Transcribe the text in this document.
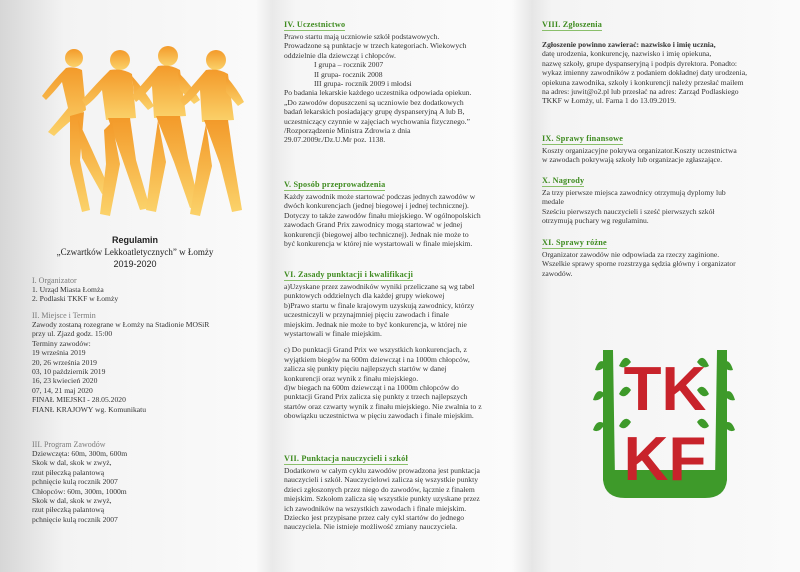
Regulamin
„Czwartków Lekkoatletycznych” w Łomży
2019-2020
I. Organizator
1. Urząd Miasta Łomża
2. Podlaski TKKF w Łomży
II. Miejsce i Termin
Zawody zostaną rozegrane w Łomży na Stadionie MOSiR
przy ul. Zjazd godz. 15:00
Terminy zawodów:
19 września 2019
20, 26 września 2019
03, 10 październik 2019
16, 23 kwiecień 2020
07, 14, 21 maj 2020
FINAŁ MIEJSKI - 28.05.2020
FIANŁ KRAJOWY wg. Komunikatu
III. Program Zawodów
Dziewczęta: 60m, 300m, 600m
Skok w dal, skok w zwyż,
rzut piłeczką palantową
pchnięcie kulą rocznik 2007
Chłopców: 60m, 300m, 1000m
Skok w dal, skok w zwyż,
rzut piłeczką palantową
pchnięcie kulą rocznik 2007
IV. Uczestnictwo
Prawo startu mają uczniowie szkół podstawowych.
Prowadzone są punktacje w trzech kategoriach. Wiekowych
oddzielnie dla dziewcząt i chłopców.
I grupa – rocznik 2007
II grupa- rocznik 2008
III grupa- rocznik 2009 i młodsi
Po badania lekarskie każdego uczestnika odpowiada opiekun.
„Do zawodów dopuszczeni są uczniowie bez dodatkowych
badań lekarskich posiadający grupę dyspanseryjną A lub B,
uczestniczący czynnie w zajęciach wychowania fizycznego.”
/Rozporządzenie Ministra Zdrowia z dnia
29.07.2009r./Dz.U.Mr poz. 1138.
V. Sposób przeprowadzenia
Każdy zawodnik może startować podczas jednych zawodów w
dwóch konkurencjach (jednej biegowej i jednej technicznej).
Dotyczy to także zawodów finału miejskiego. W ogólnopolskich
zawodach Grand Prix zawodnicy mogą startować w jednej
konkurencji (biegowej albo technicznej). Jednak nie może to
być konkurencja w której nie wystartowali w finale miejskim.
VI. Zasady punktacji i kwalifikacji
a)Uzyskane przez zawodników wyniki przeliczane są wg tabel
punktowych oddzielnych dla każdej grupy wiekowej
b)Prawo startu w finale krajowym uzyskują zawodnicy, którzy
uczestniczyli w przynajmniej pięciu zawodach i finale
miejskim. Jednak nie może to być konkurencja, w której nie
wystartowali w finale miejskim.
c) Do punktacji Grand Prix we wszystkich konkurencjach, z
wyjątkiem biegów na 600m dziewcząt i na 1000m chłopców,
zalicza się punkty pięciu najlepszych startów w danej
konkurencji oraz wynik z finału miejskiego.
d)w biegach na 600m dziewcząt i na 1000m chłopców do
punktacji Grand Prix zalicza się punkty z trzech najlepszych
startów oraz czwarty wynik z finału miejskiego. Nie zwalnia to z
obowiązku uczestnictwa w pięciu zawodach i finale miejskim.
VII. Punktacja nauczycieli i szkół
Dodatkowo w całym cyklu zawodów prowadzona jest punktacja
nauczycieli i szkół. Nauczycielowi zalicza się wszystkie punkty
dzieci zgłoszonych przez niego do zawodów, łącznie z finałem
miejskim. Szkołom zalicza się wszystkie punkty uzyskane przez
ich zawodników na wszystkich zawodach i finale miejskim.
Dziecko jest przypisane przez cały cykl startów do jednego
nauczyciela. Nie istnieje możliwość zmiany nauczyciela.
VIII. Zgłoszenia
Zgłoszenie powinno zawierać: nazwisko i imię ucznia,
datę urodzenia, konkurencję, nazwisko i imię opiekuna,
nazwę szkoły, grupe dyspanseryjną i podpis dyrektora. Ponadto:
wykaz imienny zawodników z podaniem dokładnej daty urodzenia,
opiekuna zawodnika, szkoły i konkurencji należy przesłać mailem
na adres: juwit@o2.pl lub przesłać na adres: Zarząd Podlaskiego
TKKF w Łomży, ul. Farna 1 do 13.09.2019.
IX. Sprawy finansowe
Koszty organizacyjne pokrywa organizator.Koszty uczestnictwa
w zawodach pokrywają szkoły lub organizacje zgłaszające.
X. Nagrody
Za trzy pierwsze miejsca zawodnicy otrzymują dyplomy lub
medale
Sześciu pierwszych nauczycieli i sześć pierwszych szkół
otrzymują puchary wg regulaminu.
XI. Sprawy różne
Organizator zawodów nie odpowiada za rzeczy zaginione.
Wszelkie sprawy sporne rozstrzyga sędzia główny i organizator
zawodów.
TK
KF
